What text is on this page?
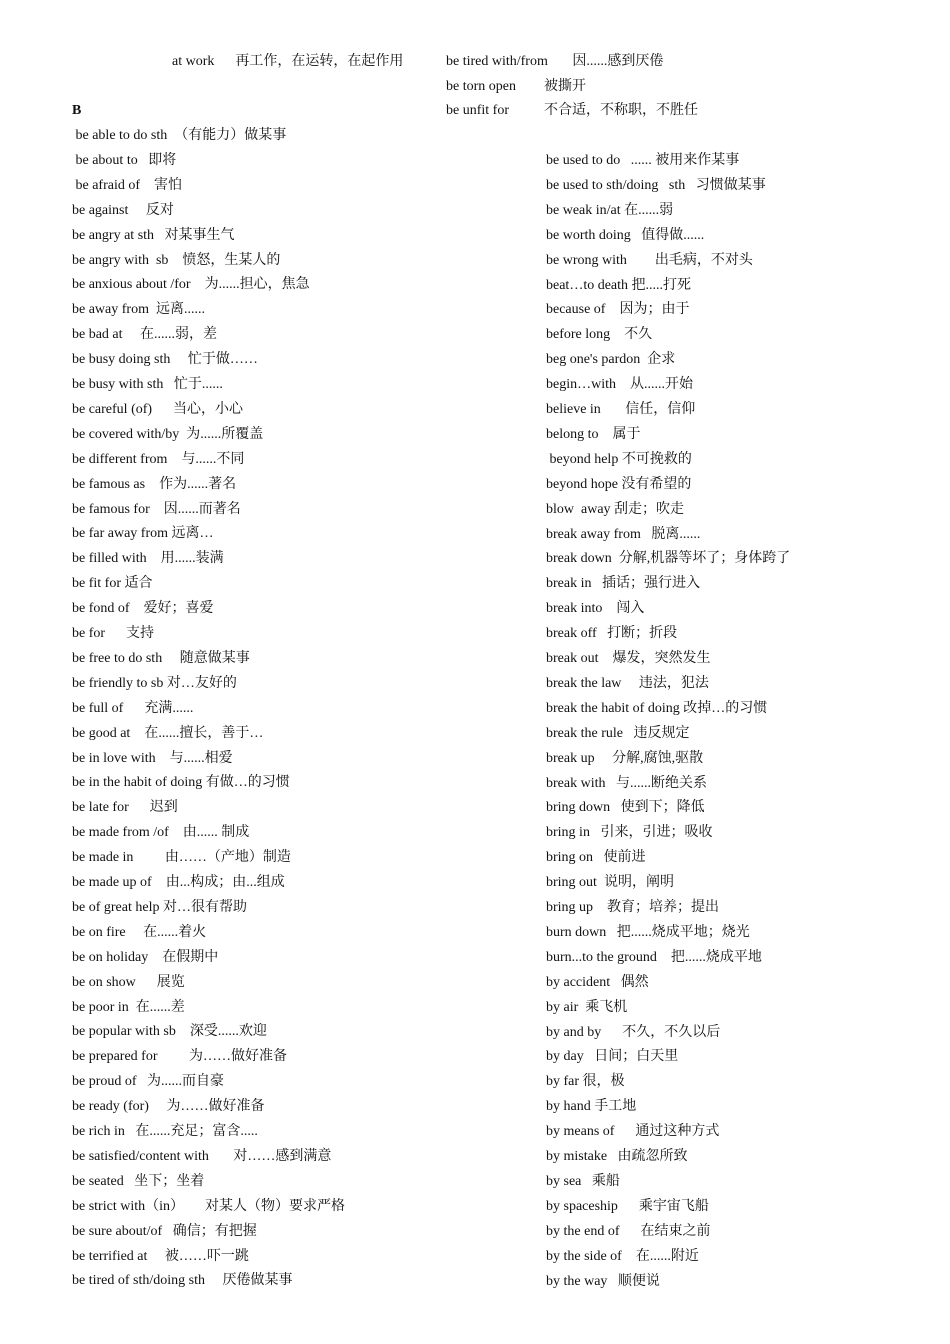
at work      再工作，在运转，在起作用	be tired with/from       因......感到厌倦
be torn open        被撕开
be unfit for          不合适，不称职，不胜任
B
be able to do sth  （有能力）做某事
be about to   即将
be afraid of    害怕
be against     反对
be angry at sth   对某事生气
be angry with  sb    愤怒，生某人的
be anxious about /for    为......担心，焦急
be away from  远离......
be bad at     在......弱，差
be busy doing sth     忙于做……
be busy with sth   忙于......
be careful (of)      当心，小心
be covered with/by  为......所覆盖
be different from    与......不同
be famous as    作为......著名
be famous for    因......而著名
be far away from 远离…
be filled with    用......装满
be fit for 适合
be fond of    爱好；喜爱
be for      支持
be free to do sth     随意做某事
be friendly to sb 对…友好的
be full of      充满......
be good at    在......擅长，善于…
be in love with    与......相爱
be in the habit of doing 有做…的习惯
be late for      迟到
be made from /of    由...... 制成
be made in         由……（产地）制造
be made up of    由...构成；由...组成
be of great help 对…很有帮助
be on fire     在......着火
be on holiday    在假期中
be on show      展览
be poor in  在......差
be popular with sb    深受......欢迎
be prepared for         为……做好准备
be proud of   为......而自豪
be ready (for)     为……做好准备
be rich in   在......充足；富含.....
be satisfied/content with       对……感到满意
be seated   坐下；坐着
be strict with（in）      对某人（物）要求严格
be sure about/of   确信；有把握
be terrified at     被……吓一跳
be tired of sth/doing sth     厌倦做某事
be used to do   ...... 被用来作某事
be used to sth/doing   sth   习惯做某事
be weak in/at 在......弱
be worth doing   值得做......
be wrong with        出毛病，不对头
beat…to death 把.....打死
because of    因为；由于
before long    不久
beg one's pardon  企求
begin…with    从......开始
believe in       信任，信仰
belong to    属于
beyond help 不可挽救的
beyond hope 没有希望的
blow  away 刮走；吹走
break away from   脱离......
break down  分解,机器等坏了；身体跨了
break in   插话；强行进入
break into    闯入
break off   打断；折段
break out    爆发，突然发生
break the law     违法，犯法
break the habit of doing 改掉…的习惯
break the rule   违反规定
break up     分解,腐蚀,驱散
break with   与......断绝关系
bring down   使到下；降低
bring in   引来，引进；吸收
bring on   使前进
bring out  说明，阐明
bring up    教育；培养；提出
burn down   把......烧成平地；烧光
burn...to the ground    把......烧成平地
by accident   偶然
by air  乘飞机
by and by      不久，不久以后
by day   日间；白天里
by far 很，极
by hand 手工地
by means of      通过这种方式
by mistake   由疏忽所致
by sea   乘船
by spaceship      乘宇宙飞船
by the end of      在结束之前
by the side of    在......附近
by the way   顺便说
